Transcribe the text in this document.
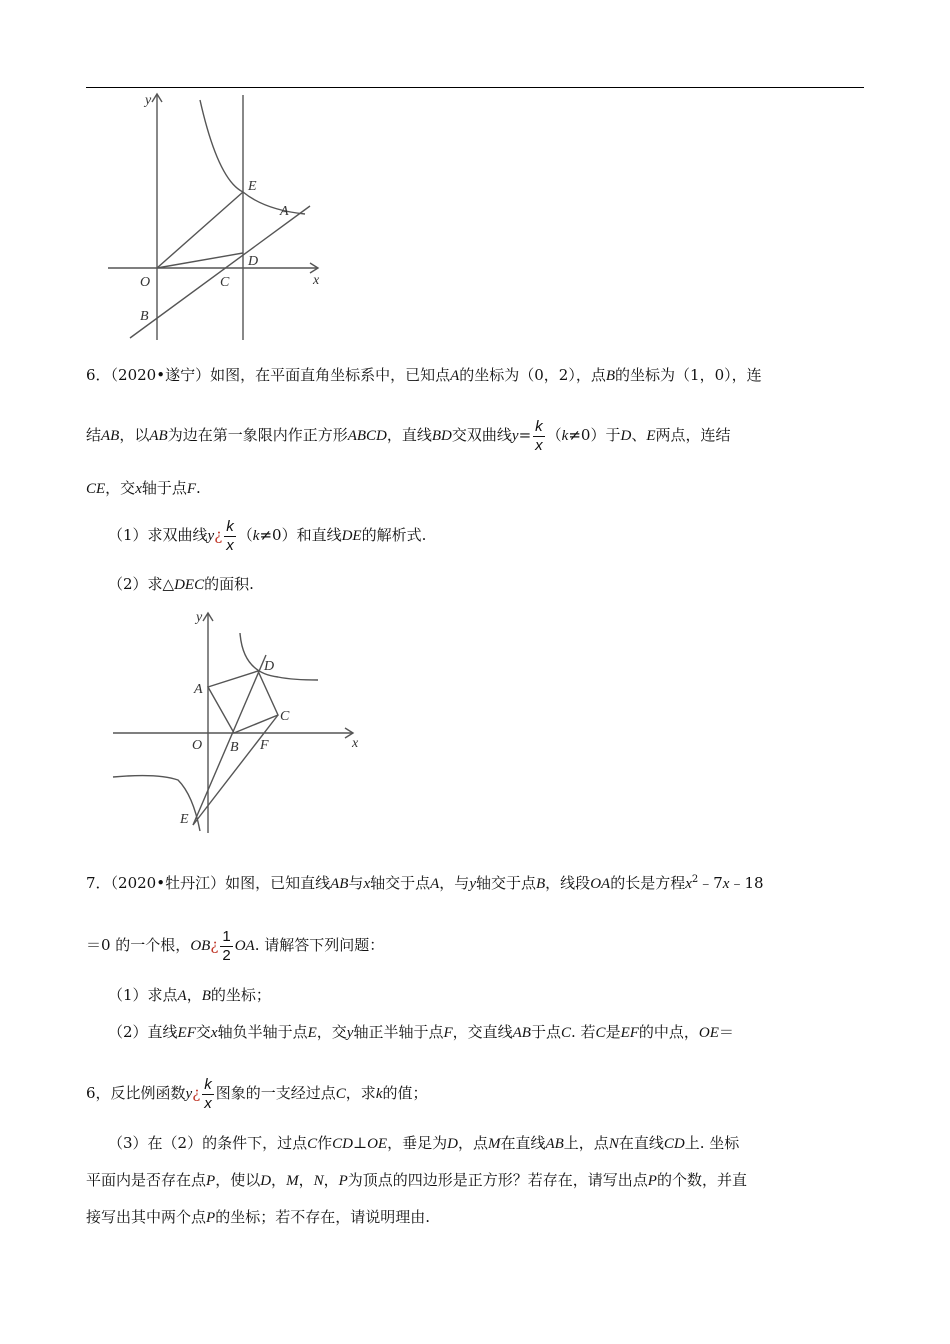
y
x
O
B
C
D
E
A
6．（2020•遂宁）如图，在平面直角坐标系中，已知点A的坐标为（0，2），点B的坐标为（1，0），连
结AB，以AB为边在第一象限内作正方形ABCD，直线BD交双曲线$y= \frac{k}{x} (k\ne 0)$于D、E两点，连结
CE，交x轴于点F.
（1）求双曲线y¿ $\frac{k}{x} (k\ne 0)$和直线DE的解析式.
（2）求△DEC的面积.
y
x
O
A
B
C
D
E
F
7．（2020•牡丹江）如图，已知直线AB与x轴交于点A，与y轴交于点B，线段OA的长是方程$x^2﹣7x﹣18$
＝0 的一个根，OB¿ $\frac{1}{2}$ OA. 请解答下列问题：
（1）求点A，B的坐标；
（2）直线EF交x轴负半轴于点E，交y轴正半轴于点F，交直线AB于点C. 若C是EF的中点，OE＝
6，反比例函数y¿ $\frac{k}{x}$ 图象的一支经过点C，求k的值；
（3）在（2）的条件下，过点C作CD⊥OE，垂足为D，点M在直线AB上，点N在直线CD上. 坐标
平面内是否存在点P，使以D，M，N，P为顶点的四边形是正方形？若存在，请写出点P的个数，并直
接写出其中两个点P的坐标；若不存在，请说明理由.
